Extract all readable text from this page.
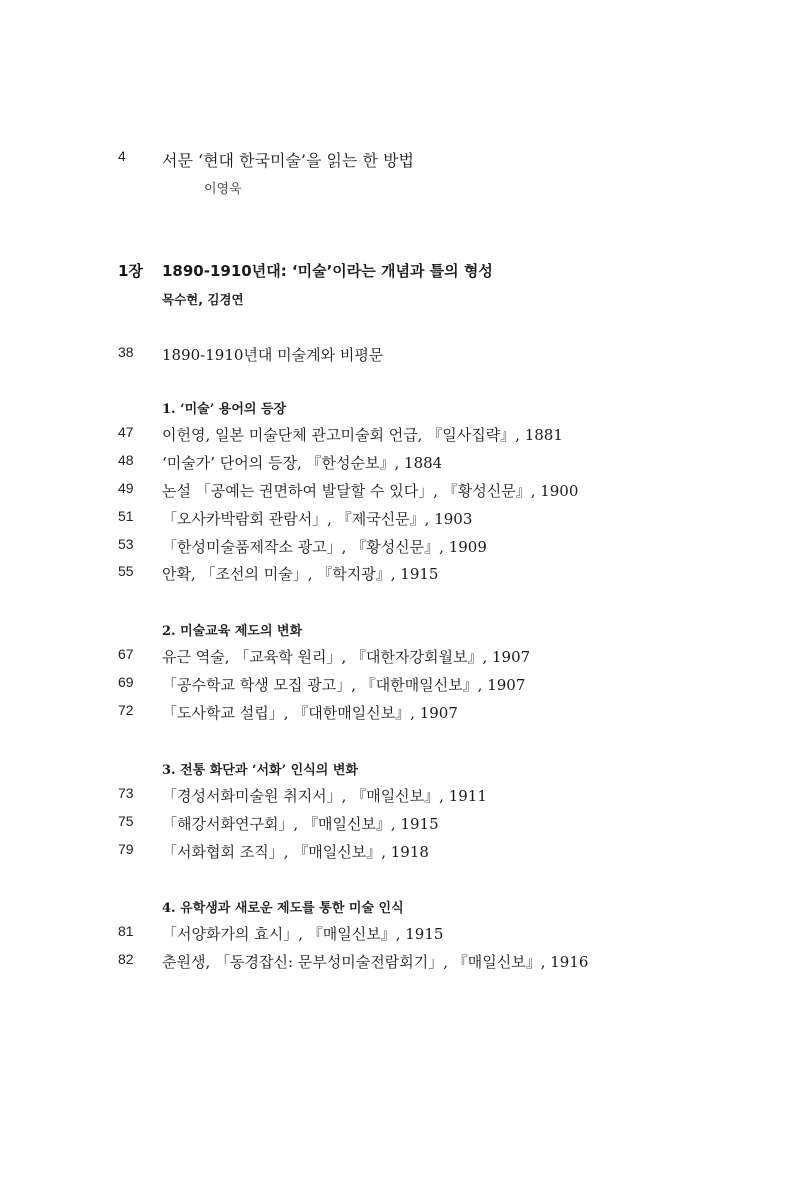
4	서문 ‘현대 한국미술’을 읽는 한 방법
이영욱
1장	1890-1910년대: ‘미술’이라는 개념과 틀의 형성
목수현, 김경연
38	1890-1910년대 미술계와 비평문
1. ‘미술’ 용어의 등장
47	이헌영, 일본 미술단체 관고미술회 언급, 『일사집략』, 1881
48	‘미술가’ 단어의 등장, 『한성순보』, 1884
49	논설 「공예는 권면하여 발달할 수 있다」, 『황성신문』, 1900
51	「오사카박람회 관람서」, 『제국신문』, 1903
53	「한성미술품제작소 광고」, 『황성신문』, 1909
55	안확, 「조선의 미술」, 『학지광』, 1915
2. 미술교육 제도의 변화
67	유근 역술, 「교육학 원리」, 『대한자강회월보』, 1907
69	「공수학교 학생 모집 광고」, 『대한매일신보』, 1907
72	「도사학교 설립」, 『대한매일신보』, 1907
3. 전통 화단과 ‘서화’ 인식의 변화
73	「경성서화미술원 취지서」, 『매일신보』, 1911
75	「해강서화연구회」, 『매일신보』, 1915
79	「서화협회 조직」, 『매일신보』, 1918
4. 유학생과 새로운 제도를 통한 미술 인식
81	「서양화가의 효시」, 『매일신보』, 1915
82	춘원생, 「동경잡신: 문부성미술전람회기」, 『매일신보』, 1916
